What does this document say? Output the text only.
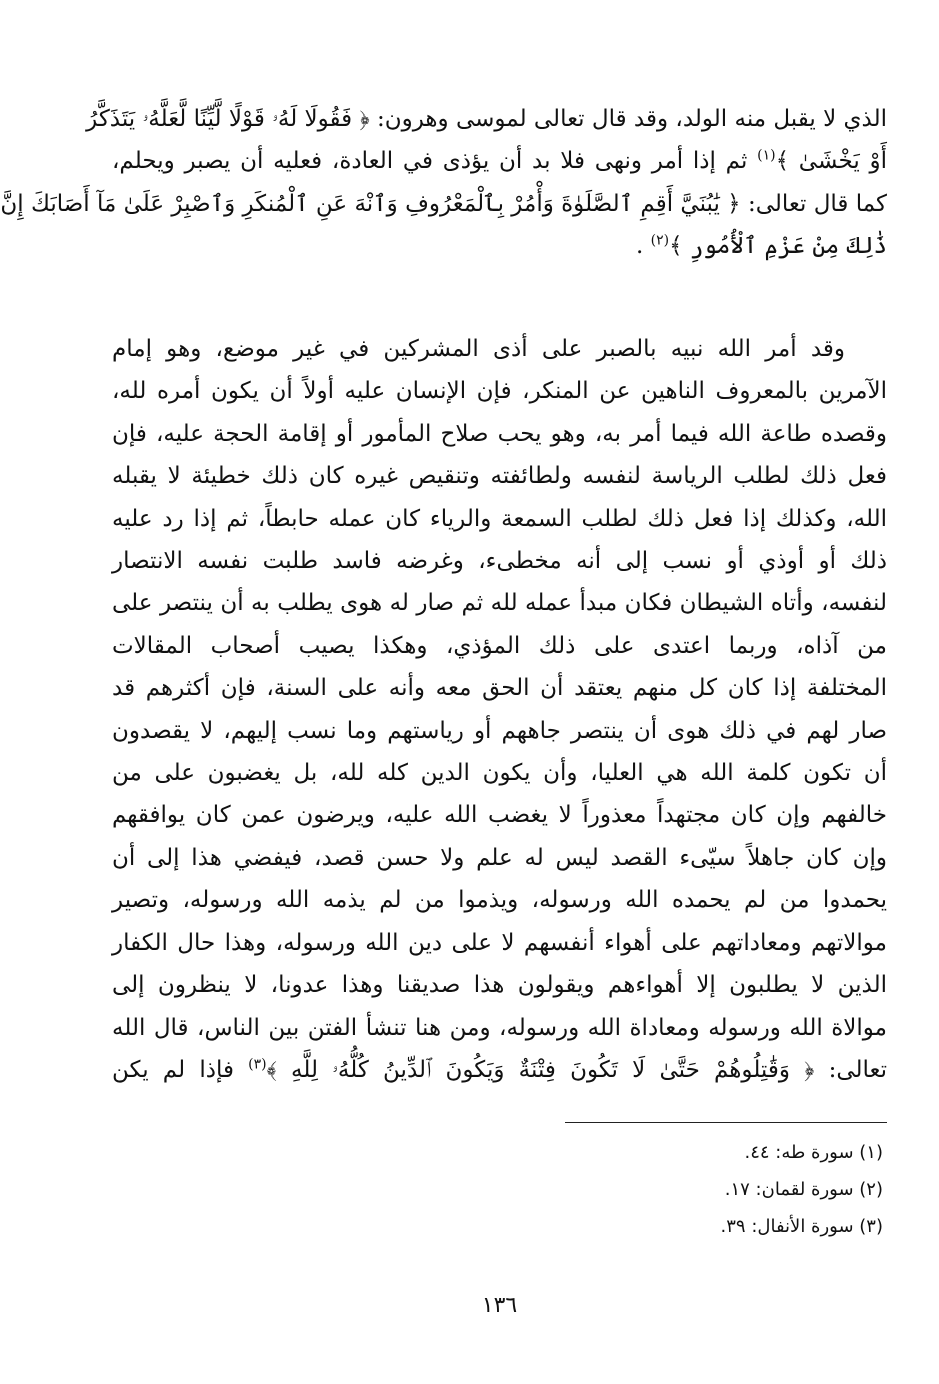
الذي لا يقبل منه الولد، وقد قال تعالى لموسى وهرون: ﴿ فَقُولَا لَهُۥ قَوْلًا لَّيِّنًا لَّعَلَّهُۥ يَتَذَكَّرُ
أَوْ يَخْشَىٰ ﴾$^{(١)}$ ثم إذا أمر ونهى فلا بد أن يؤذى في العادة، فعليه أن يصبر ويحلم،
كما قال تعالى: ﴿ يَٰبُنَيَّ أَقِمِ ٱلصَّلَوٰةَ وَأْمُرْ بِٱلْمَعْرُوفِ وَٱنْهَ عَنِ ٱلْمُنكَرِ وَٱصْبِرْ عَلَىٰ مَآ أَصَابَكَ إِنَّ
ذَٰلِكَ مِنْ عَزْمِ ٱلْأُمُورِ ﴾$^{(٢)}$ .
وقد أمر الله نبيه بالصبر على أذى المشركين في غير موضع، وهو إمام
الآمرين بالمعروف الناهين عن المنكر، فإن الإنسان عليه أولاً أن يكون أمره لله،
وقصده طاعة الله فيما أمر به، وهو يحب صلاح المأمور أو إقامة الحجة عليه، فإن
فعل ذلك لطلب الرياسة لنفسه ولطائفته وتنقيص غيره كان ذلك خطيئة لا يقبله
الله، وكذلك إذا فعل ذلك لطلب السمعة والرياء كان عمله حابطاً، ثم إذا رد عليه
ذلك أو أوذي أو نسب إلى أنه مخطىء، وغرضه فاسد طلبت نفسه الانتصار
لنفسه، وأتاه الشيطان فكان مبدأ عمله لله ثم صار له هوى يطلب به أن ينتصر على
من آذاه، وربما اعتدى على ذلك المؤذي، وهكذا يصيب أصحاب المقالات
المختلفة إذا كان كل منهم يعتقد أن الحق معه وأنه على السنة، فإن أكثرهم قد
صار لهم في ذلك هوى أن ينتصر جاههم أو رياستهم وما نسب إليهم، لا يقصدون
أن تكون كلمة الله هي العليا، وأن يكون الدين كله لله، بل يغضبون على من
خالفهم وإن كان مجتهداً معذوراً لا يغضب الله عليه، ويرضون عمن كان يوافقهم
وإن كان جاهلاً سيّىء القصد ليس له علم ولا حسن قصد، فيفضي هذا إلى أن
يحمدوا من لم يحمده الله ورسوله، ويذموا من لم يذمه الله ورسوله، وتصير
موالاتهم ومعاداتهم على أهواء أنفسهم لا على دين الله ورسوله، وهذا حال الكفار
الذين لا يطلبون إلا أهواءهم ويقولون هذا صديقنا وهذا عدونا، لا ينظرون إلى
موالاة الله ورسوله ومعاداة الله ورسوله، ومن هنا تنشأ الفتن بين الناس، قال الله
تعالى: ﴿ وَقَٰتِلُوهُمْ حَتَّىٰ لَا تَكُونَ فِتْنَةٌ وَيَكُونَ ٱلدِّينُ كُلُّهُۥ لِلَّهِ ﴾$^{(٣)}$ فإذا لم يكن
(١) سورة طه: ٤٤.
(٢) سورة لقمان: ١٧.
(٣) سورة الأنفال: ٣٩.
١٣٦
